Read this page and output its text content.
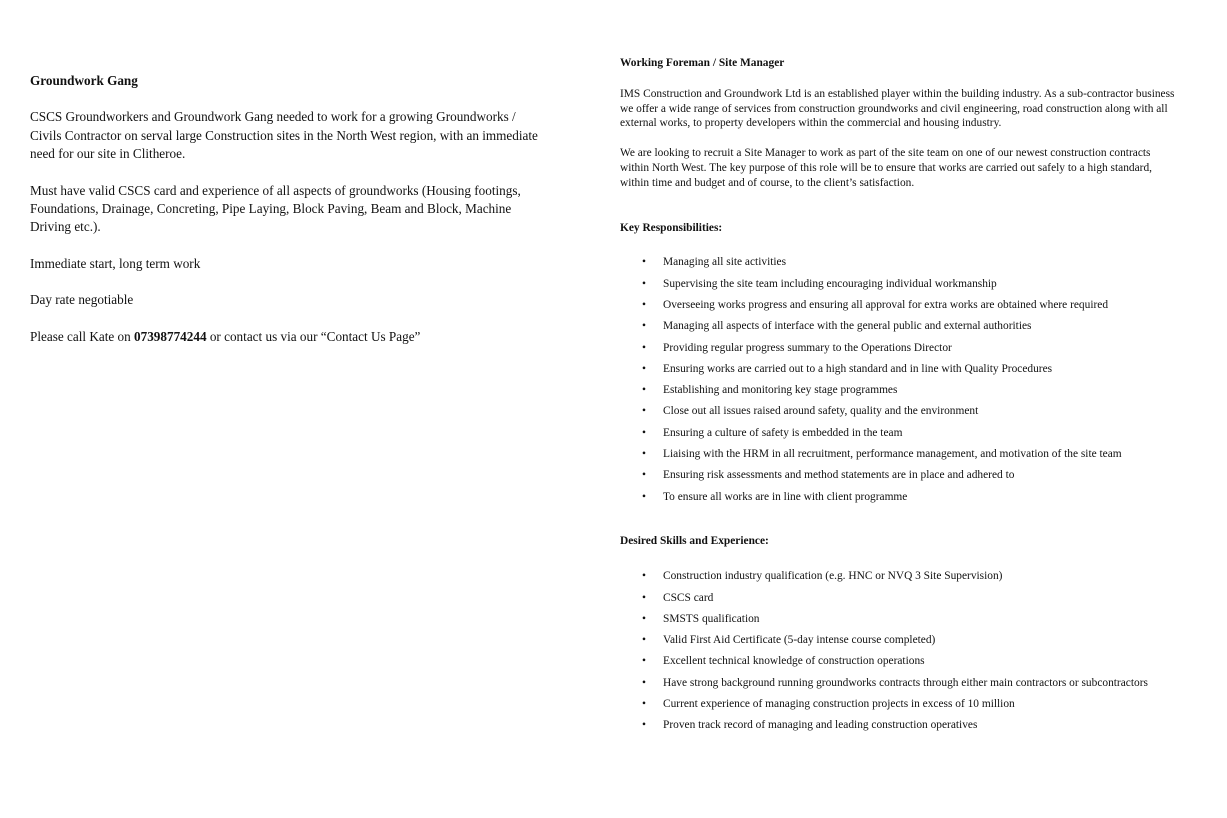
Groundwork Gang

CSCS Groundworkers and Groundwork Gang needed to work for a growing Groundworks / Civils Contractor on serval large Construction sites in the North West region, with an immediate need for our site in Clitheroe.

Must have valid CSCS card and experience of all aspects of groundworks (Housing footings, Foundations, Drainage, Concreting, Pipe Laying, Block Paving, Beam and Block, Machine Driving etc.).

Immediate start, long term work

Day rate negotiable

Please call Kate on 07398774244 or contact us via our “Contact Us Page”

Working Foreman / Site Manager

IMS Construction and Groundwork Ltd is an established player within the building industry. As a sub-contractor business we offer a wide range of services from construction groundworks and civil engineering, road construction along with all external works, to property developers within the commercial and housing industry.

We are looking to recruit a Site Manager to work as part of the site team on one of our newest construction contracts within North West. The key purpose of this role will be to ensure that works are carried out safely to a high standard, within time and budget and of course, to the client’s satisfaction.

Key Responsibilities:
• Managing all site activities
• Supervising the site team including encouraging individual workmanship
• Overseeing works progress and ensuring all approval for extra works are obtained where required
• Managing all aspects of interface with the general public and external authorities
• Providing regular progress summary to the Operations Director
• Ensuring works are carried out to a high standard and in line with Quality Procedures
• Establishing and monitoring key stage programmes
• Close out all issues raised around safety, quality and the environment
• Ensuring a culture of safety is embedded in the team
• Liaising with the HRM in all recruitment, performance management, and motivation of the site team
• Ensuring risk assessments and method statements are in place and adhered to
• To ensure all works are in line with client programme
Desired Skills and Experience:
• Construction industry qualification (e.g. HNC or NVQ 3 Site Supervision)
• CSCS card
• SMSTS qualification
• Valid First Aid Certificate (5-day intense course completed)
• Excellent technical knowledge of construction operations
• Have strong background running groundworks contracts through either main contractors or subcontractors
• Current experience of managing construction projects in excess of 10 million
• Proven track record of managing and leading construction operatives
